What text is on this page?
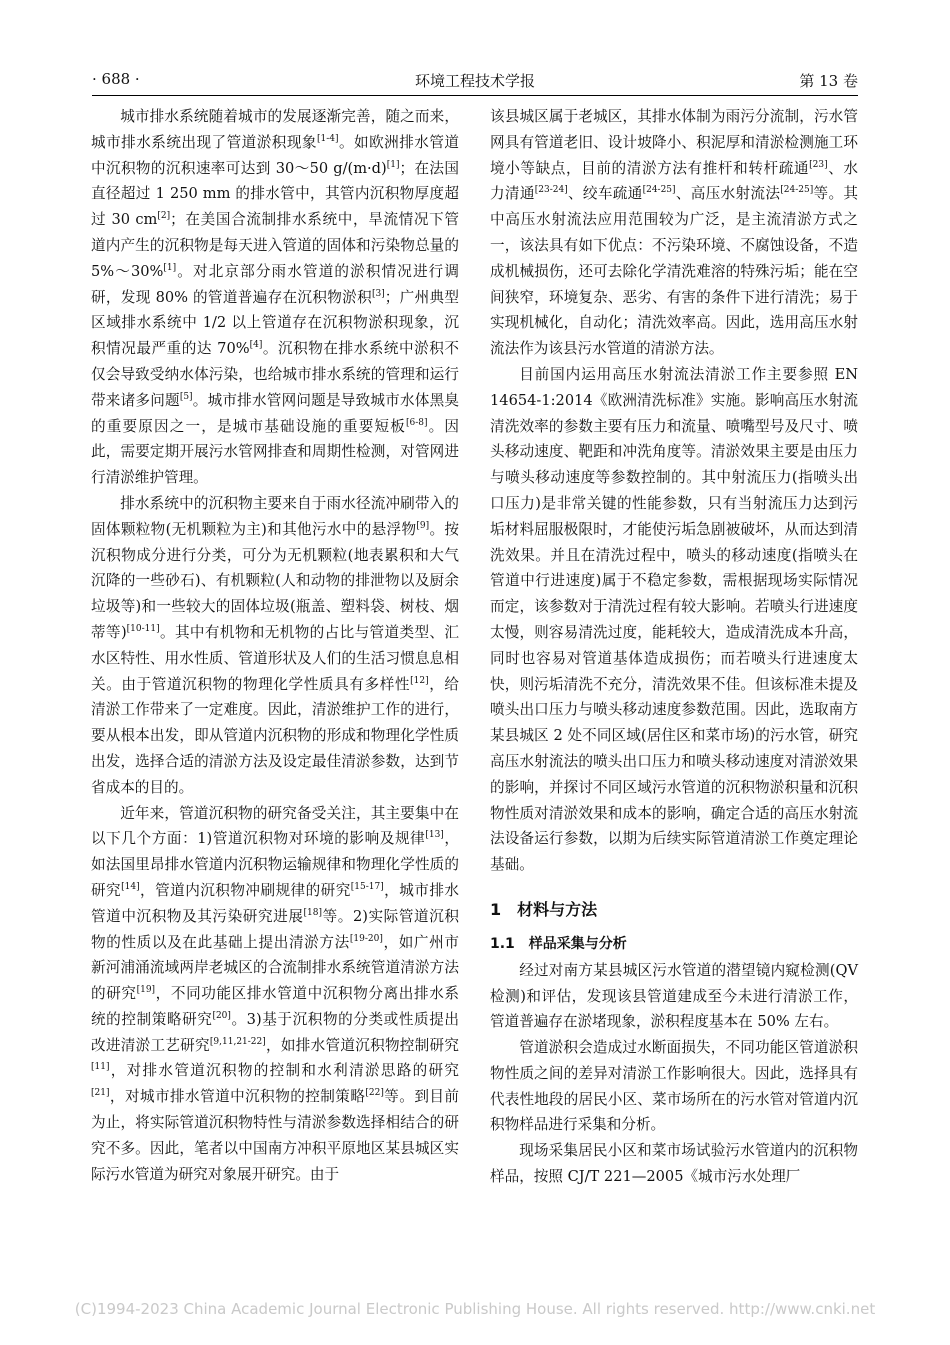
· 688 ·	环境工程技术学报	第 13 卷

城市排水系统随着城市的发展逐渐完善，随之而来，城市排水系统出现了管道淤积现象[1-4]。如欧洲排水管道中沉积物的沉积速率可达到 30～50 g/(m·d)[1]；在法国直径超过 1 250 mm 的排水管中，其管内沉积物厚度超过 30 cm[2]；在美国合流制排水系统中，旱流情况下管道内产生的沉积物是每天进入管道的固体和污染物总量的 5%～30%[1]。对北京部分雨水管道的淤积情况进行调研，发现 80% 的管道普遍存在沉积物淤积[3]；广州典型区域排水系统中 1/2 以上管道存在沉积物淤积现象，沉积情况最严重的达 70%[4]。沉积物在排水系统中淤积不仅会导致受纳水体污染，也给城市排水系统的管理和运行带来诸多问题[5]。城市排水管网问题是导致城市水体黑臭的重要原因之一，是城市基础设施的重要短板[6-8]。因此，需要定期开展污水管网排查和周期性检测，对管网进行清淤维护管理。

排水系统中的沉积物主要来自于雨水径流冲刷带入的固体颗粒物(无机颗粒为主)和其他污水中的悬浮物[9]。按沉积物成分进行分类，可分为无机颗粒(地表累积和大气沉降的一些砂石)、有机颗粒(人和动物的排泄物以及厨余垃圾等)和一些较大的固体垃圾(瓶盖、塑料袋、树枝、烟蒂等)[10-11]。其中有机物和无机物的占比与管道类型、汇水区特性、用水性质、管道形状及人们的生活习惯息息相关。由于管道沉积物的物理化学性质具有多样性[12]，给清淤工作带来了一定难度。因此，清淤维护工作的进行，要从根本出发，即从管道内沉积物的形成和物理化学性质出发，选择合适的清淤方法及设定最佳清淤参数，达到节省成本的目的。

近年来，管道沉积物的研究备受关注，其主要集中在以下几个方面：1)管道沉积物对环境的影响及规律[13]，如法国里昂排水管道内沉积物运输规律和物理化学性质的研究[14]，管道内沉积物冲刷规律的研究[15-17]，城市排水管道中沉积物及其污染研究进展[18]等。2)实际管道沉积物的性质以及在此基础上提出清淤方法[19-20]，如广州市新河浦涌流域两岸老城区的合流制排水系统管道清淤方法的研究[19]，不同功能区排水管道中沉积物分离出排水系统的控制策略研究[20]。3)基于沉积物的分类或性质提出改进清淤工艺研究[9,11,21-22]，如排水管道沉积物控制研究[11]，对排水管道沉积物的控制和水利清淤思路的研究[21]，对城市排水管道中沉积物的控制策略[22]等。到目前为止，将实际管道沉积物特性与清淤参数选择相结合的研究不多。因此，笔者以中国南方冲积平原地区某县城区实际污水管道为研究对象展开研究。由于

该县城区属于老城区，其排水体制为雨污分流制，污水管网具有管道老旧、设计坡降小、积泥厚和清淤检测施工环境小等缺点，目前的清淤方法有推杆和转杆疏通[23]、水力清通[23-24]、绞车疏通[24-25]、高压水射流法[24-25]等。其中高压水射流法应用范围较为广泛，是主流清淤方式之一，该法具有如下优点：不污染环境、不腐蚀设备，不造成机械损伤，还可去除化学清洗难溶的特殊污垢；能在空间狭窄，环境复杂、恶劣、有害的条件下进行清洗；易于实现机械化，自动化；清洗效率高。因此，选用高压水射流法作为该县污水管道的清淤方法。

目前国内运用高压水射流法清淤工作主要参照 EN 14654-1:2014《欧洲清洗标准》实施。影响高压水射流清洗效率的参数主要有压力和流量、喷嘴型号及尺寸、喷头移动速度、靶距和冲洗角度等。清淤效果主要是由压力与喷头移动速度等参数控制的。其中射流压力(指喷头出口压力)是非常关键的性能参数，只有当射流压力达到污垢材料屈服极限时，才能使污垢急剧被破坏，从而达到清洗效果。并且在清洗过程中，喷头的移动速度(指喷头在管道中行进速度)属于不稳定参数，需根据现场实际情况而定，该参数对于清洗过程有较大影响。若喷头行进速度太慢，则容易清洗过度，能耗较大，造成清洗成本升高，同时也容易对管道基体造成损伤；而若喷头行进速度太快，则污垢清洗不充分，清洗效果不佳。但该标准未提及喷头出口压力与喷头移动速度参数范围。因此，选取南方某县城区 2 处不同区域(居住区和菜市场)的污水管，研究高压水射流法的喷头出口压力和喷头移动速度对清淤效果的影响，并探讨不同区域污水管道的沉积物淤积量和沉积物性质对清淤效果和成本的影响，确定合适的高压水射流法设备运行参数，以期为后续实际管道清淤工作奠定理论基础。

1　材料与方法
1.1　样品采集与分析

经过对南方某县城区污水管道的潜望镜内窥检测(QV 检测)和评估，发现该县管道建成至今未进行清淤工作，管道普遍存在淤堵现象，淤积程度基本在 50% 左右。

管道淤积会造成过水断面损失，不同功能区管道淤积物性质之间的差异对清淤工作影响很大。因此，选择具有代表性地段的居民小区、菜市场所在的污水管对管道内沉积物样品进行采集和分析。

现场采集居民小区和菜市场试验污水管道内的沉积物样品，按照 CJ/T 221—2005《城市污水处理厂

(C)1994-2023 China Academic Journal Electronic Publishing House. All rights reserved. http://www.cnki.net
